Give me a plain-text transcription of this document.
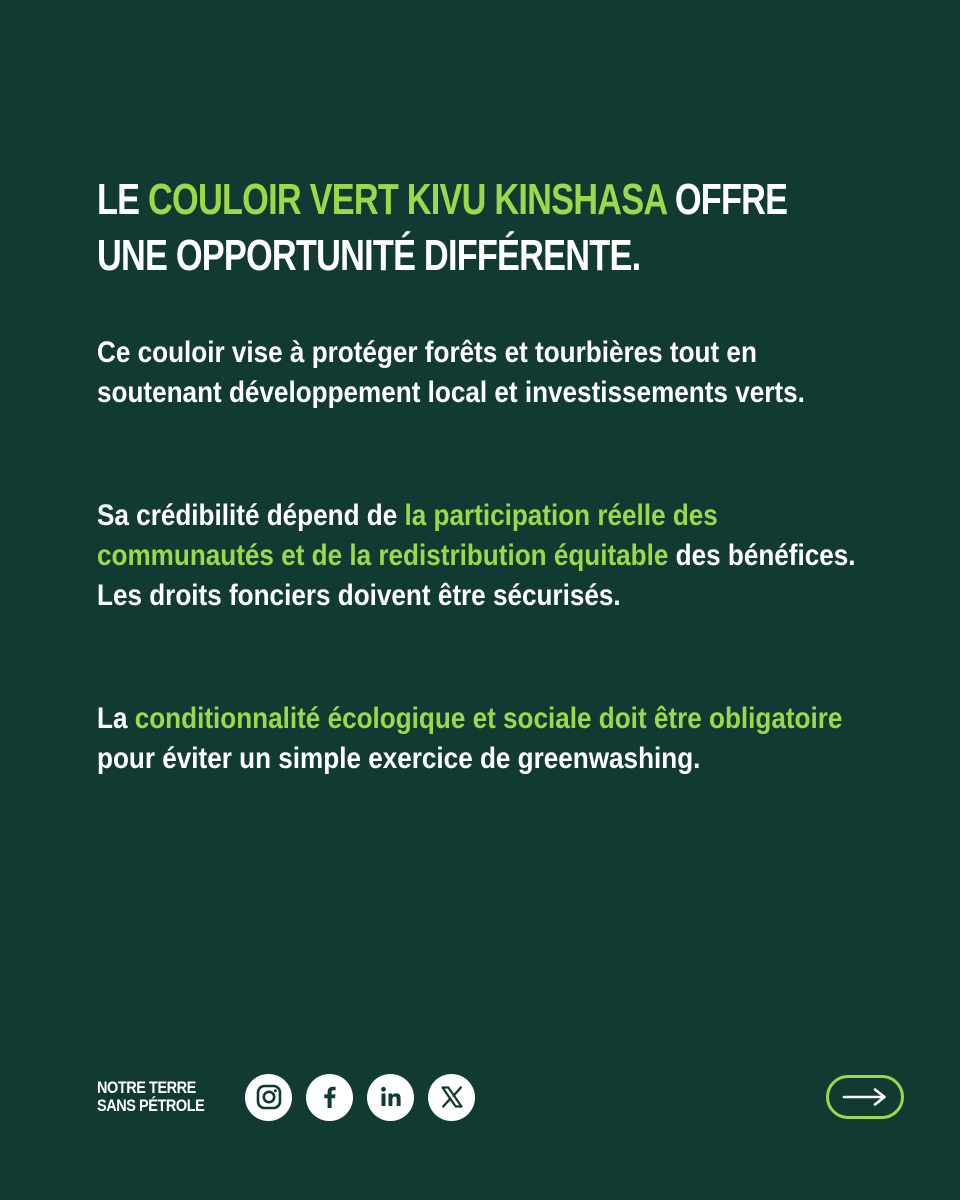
LE COULOIR VERT KIVU KINSHASA OFFRE
UNE OPPORTUNITÉ DIFFÉRENTE.

Ce couloir vise à protéger forêts et tourbières tout en soutenant développement local et investissements verts.

Sa crédibilité dépend de la participation réelle des communautés et de la redistribution équitable des bénéfices. Les droits fonciers doivent être sécurisés.

La conditionnalité écologique et sociale doit être obligatoire pour éviter un simple exercice de greenwashing.

NOTRE TERRE
SANS PÉTROLE
